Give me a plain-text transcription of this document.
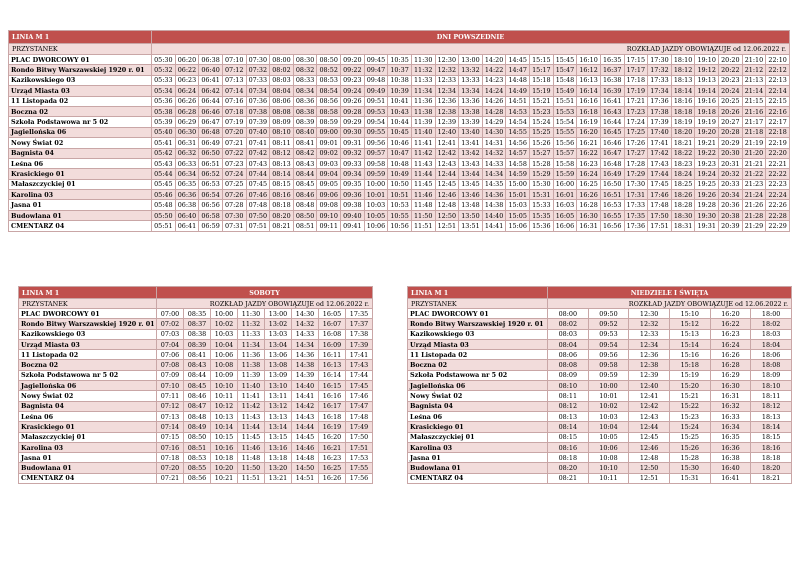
LINIA M 1	DNI POWSZEDNIE																										
PRZYSTANEK	ROZKŁAD JAZDY OBOWIĄZUJE od 12.06.2022 r.																										
PLAC DWORCOWY 01	05:30	06:20	06:38	07:10	07:30	08:00	08:30	08:50	09:20	09:45	10:35	11:30	12:30	13:00	14:20	14:45	15:15	15:45	16:10	16:35	17:15	17:30	18:10	19:10	20:20	21:10	22:10
Rondo Bitwy Warszawskiej 1920 r. 01	05:32	06:22	06:40	07:12	07:32	08:02	08:32	08:52	09:22	09:47	10:37	11:32	12:32	13:32	14:22	14:47	15:17	15:47	16:12	16:37	17:17	17:32	18:12	19:12	20:22	21:12	22:12
Kazikowskiego 03	05:33	06:23	06:41	07:13	07:33	08:03	08:33	08:53	09:23	09:48	10:38	11:33	12:33	13:33	14:23	14:48	15:18	15:48	16:13	16:38	17:18	17:33	18:13	19:13	20:23	21:13	22:13
Urząd Miasta 03	05:34	06:24	06:42	07:14	07:34	08:04	08:34	08:54	09:24	09:49	10:39	11:34	12:34	13:34	14:24	14:49	15:19	15:49	16:14	16:39	17:19	17:34	18:14	19:14	20:24	21:14	22:14
11 Listopada 02	05:36	06:26	06:44	07:16	07:36	08:06	08:36	08:56	09:26	09:51	10:41	11:36	12:36	13:36	14:26	14:51	15:21	15:51	16:16	16:41	17:21	17:36	18:16	19:16	20:25	21:15	22:15
Boczna 02	05:38	06:28	06:46	07:18	07:38	08:08	08:38	08:58	09:28	09:53	10:43	11:38	12:38	13:38	14:28	14:53	15:23	15:53	16:18	16:43	17:23	17:38	18:18	19:18	20:26	21:16	22:16
Szkoła Podstawowa nr 5 02	05:39	06:29	06:47	07:19	07:39	08:09	08:39	08:59	09:29	09:54	10:44	11:39	12:39	13:39	14:29	14:54	15:24	15:54	16:19	16:44	17:24	17:39	18:19	19:19	20:27	21:17	22:17
Jagiellońska 06	05:40	06:30	06:48	07:20	07:40	08:10	08:40	09:00	09:30	09:55	10:45	11:40	12:40	13:40	14:30	14:55	15:25	15:55	16:20	16:45	17:25	17:40	18:20	19:20	20:28	21:18	22:18
Nowy Świat 02	05:41	06:31	06:49	07:21	07:41	08:11	08:41	09:01	09:31	09:56	10:46	11:41	12:41	13:41	14:31	14:56	15:26	15:56	16:21	16:46	17:26	17:41	18:21	19:21	20:29	21:19	22:19
Bagnista 04	05:42	06:32	06:50	07:22	07:42	08:12	08:42	09:02	09:32	09:57	10:47	11:42	12:42	13:42	14:32	14:57	15:27	15:57	16:22	16:47	17:27	17:42	18:22	19:22	20:30	21:20	22:20
Leśna 06	05:43	06:33	06:51	07:23	07:43	08:13	08:43	09:03	09:33	09:58	10:48	11:43	12:43	13:43	14:33	14:58	15:28	15:58	16:23	16:48	17:28	17:43	18:23	19:23	20:31	21:21	22:21
Krasickiego 01	05:44	06:34	06:52	07:24	07:44	08:14	08:44	09:04	09:34	09:59	10:49	11:44	12:44	13:44	14:34	14:59	15:29	15:59	16:24	16:49	17:29	17:44	18:24	19:24	20:32	21:22	22:22
Małaszczyckiej 01	05:45	06:35	06:53	07:25	07:45	08:15	08:45	09:05	09:35	10:00	10:50	11:45	12:45	13:45	14:35	15:00	15:30	16:00	16:25	16:50	17:30	17:45	18:25	19:25	20:33	21:23	22:23
Karolina 03	05:46	06:36	06:54	07:26	07:46	08:16	08:46	09:06	09:36	10:01	10:51	11:46	12:46	13:46	14:36	15:01	15:31	16:01	16:26	16:51	17:31	17:46	18:26	19:26	20:34	21:24	22:24
Jasna 01	05:48	06:38	06:56	07:28	07:48	08:18	08:48	09:08	09:38	10:03	10:53	11:48	12:48	13:48	14:38	15:03	15:33	16:03	16:28	16:53	17:33	17:48	18:28	19:28	20:36	21:26	22:26
Budowlana 01	05:50	06:40	06:58	07:30	07:50	08:20	08:50	09:10	09:40	10:05	10:55	11:50	12:50	13:50	14:40	15:05	15:35	16:05	16:30	16:55	17:35	17:50	18:30	19:30	20:38	21:28	22:28
CMENTARZ 04	05:51	06:41	06:59	07:31	07:51	08:21	08:51	09:11	09:41	10:06	10:56	11:51	12:51	13:51	14:41	15:06	15:36	16:06	16:31	16:56	17:36	17:51	18:31	19:31	20:39	21:29	22:29
LINIA M 1	SOBOTY							
PRZYSTANEK	ROZKŁAD JAZDY OBOWIĄZUJE od 12.06.2022 r.							
PLAC DWORCOWY 01	07:00	08:35	10:00	11:30	13:00	14:30	16:05	17:35
Rondo Bitwy Warszawskiej 1920 r. 01	07:02	08:37	10:02	11:32	13:02	14:32	16:07	17:37
Kazikowskiego 03	07:03	08:38	10:03	11:33	13:03	14:33	16:08	17:38
Urząd Miasta 03	07:04	08:39	10:04	11:34	13:04	14:34	16:09	17:39
11 Listopada 02	07:06	08:41	10:06	11:36	13:06	14:36	16:11	17:41
Boczna 02	07:08	08:43	10:08	11:38	13:08	14:38	16:13	17:43
Szkoła Podstawowa nr 5 02	07:09	08:44	10:09	11:39	13:09	14:39	16:14	17:44
Jagiellońska 06	07:10	08:45	10:10	11:40	13:10	14:40	16:15	17:45
Nowy Świat 02	07:11	08:46	10:11	11:41	13:11	14:41	16:16	17:46
Bagnista 04	07:12	08:47	10:12	11:42	13:12	14:42	16:17	17:47
Leśna 06	07:13	08:48	10:13	11:43	13:13	14:43	16:18	17:48
Krasickiego 01	07:14	08:49	10:14	11:44	13:14	14:44	16:19	17:49
Małaszczyckiej 01	07:15	08:50	10:15	11:45	13:15	14:45	16:20	17:50
Karolina 03	07:16	08:51	10:16	11:46	13:16	14:46	16:21	17:51
Jasna 01	07:18	08:53	10:18	11:48	13:18	14:48	16:23	17:53
Budowlana 01	07:20	08:55	10:20	11:50	13:20	14:50	16:25	17:55
CMENTARZ 04	07:21	08:56	10:21	11:51	13:21	14:51	16:26	17:56
LINIA M 1	NIEDZIELE I ŚWIĘTA					
PRZYSTANEK	ROZKŁAD JAZDY OBOWIĄZUJE od 12.06.2022 r.					
PLAC DWORCOWY 01	08:00	09:50	12:30	15:10	16:20	18:00
Rondo Bitwy Warszawskiej 1920 r. 01	08:02	09:52	12:32	15:12	16:22	18:02
Kazikowskiego 03	08:03	09:53	12:33	15:13	16:23	18:03
Urząd Miasta 03	08:04	09:54	12:34	15:14	16:24	18:04
11 Listopada 02	08:06	09:56	12:36	15:16	16:26	18:06
Boczna 02	08:08	09:58	12:38	15:18	16:28	18:08
Szkoła Podstawowa nr 5 02	08:09	09:59	12:39	15:19	16:29	18:09
Jagiellońska 06	08:10	10:00	12:40	15:20	16:30	18:10
Nowy Świat 02	08:11	10:01	12:41	15:21	16:31	18:11
Bagnista 04	08:12	10:02	12:42	15:22	16:32	18:12
Leśna 06	08:13	10:03	12:43	15:23	16:33	18:13
Krasickiego 01	08:14	10:04	12:44	15:24	16:34	18:14
Małaszczyckiej 01	08:15	10:05	12:45	15:25	16:35	18:15
Karolina 03	08:16	10:06	12:46	15:26	16:36	18:16
Jasna 01	08:18	10:08	12:48	15:28	16:38	18:18
Budowlana 01	08:20	10:10	12:50	15:30	16:40	18:20
CMENTARZ 04	08:21	10:11	12:51	15:31	16:41	18:21
